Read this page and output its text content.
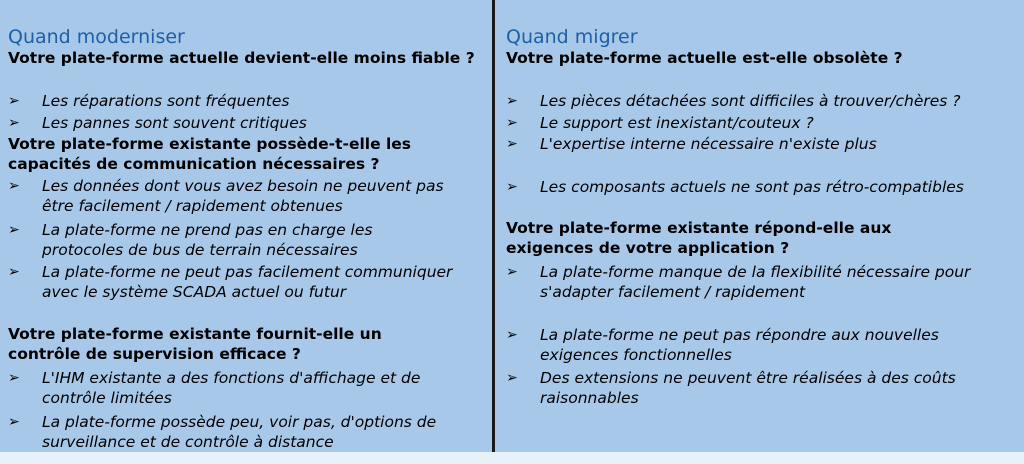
Quand moderniser
Votre plate-forme actuelle devient-elle moins fiable ?
➢ Les réparations sont fréquentes
➢ Les pannes sont souvent critiques
Votre plate-forme existante possède-t-elle les capacités de communication nécessaires ?
➢ Les données dont vous avez besoin ne peuvent pas être facilement / rapidement obtenues
➢ La plate-forme ne prend pas en charge les protocoles de bus de terrain nécessaires
➢ La plate-forme ne peut pas facilement communiquer avec le système SCADA actuel ou futur
Votre plate-forme existante fournit-elle un contrôle de supervision efficace ?
➢ L'IHM existante a des fonctions d'affichage et de contrôle limitées
➢ La plate-forme possède peu, voir pas, d'options de surveillance et de contrôle à distance
Quand migrer
Votre plate-forme actuelle est-elle obsolète ?
➢ Les pièces détachées sont difficiles à trouver/chères ?
➢ Le support est inexistant/couteux ?
➢ L'expertise interne nécessaire n'existe plus
➢ Les composants actuels ne sont pas rétro-compatibles
Votre plate-forme existante répond-elle aux exigences de votre application ?
➢ La plate-forme manque de la flexibilité nécessaire pour s'adapter facilement / rapidement
➢ La plate-forme ne peut pas répondre aux nouvelles exigences fonctionnelles
➢ Des extensions ne peuvent être réalisées à des coûts raisonnables
